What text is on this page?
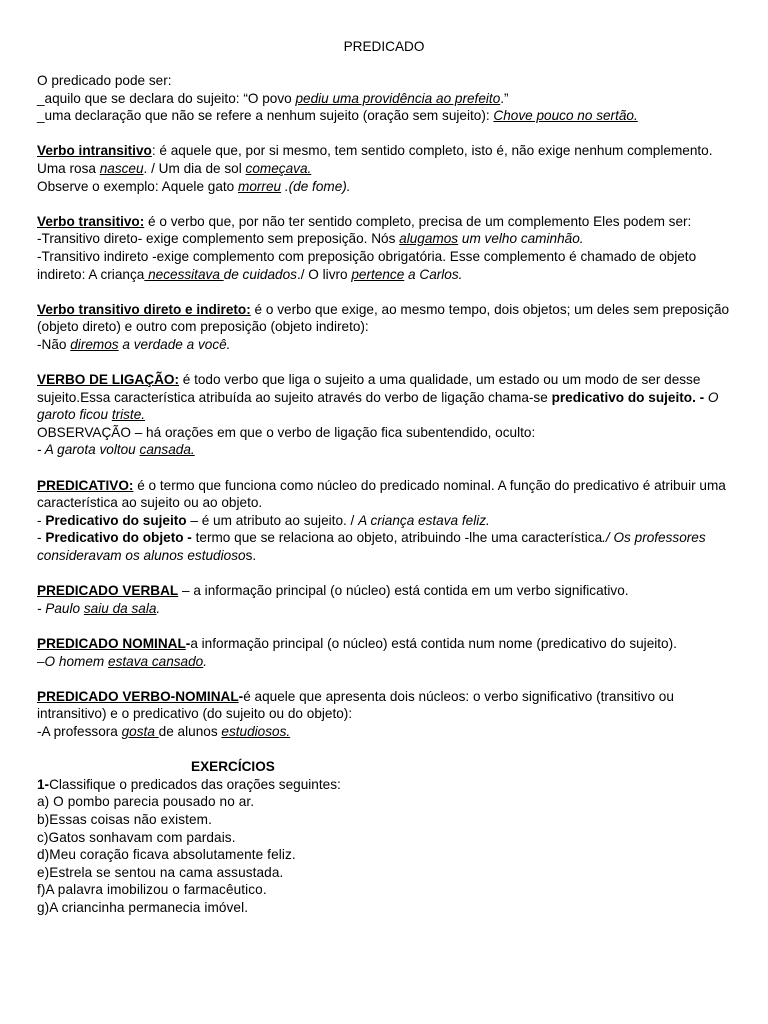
PREDICADO
O predicado pode ser:
_aquilo que se declara do sujeito: “O povo pediu uma providência ao prefeito.”
_uma declaração que não se refere a nenhum sujeito (oração sem sujeito): Chove pouco no sertão.
Verbo intransitivo: é aquele que, por si mesmo, tem sentido completo, isto é, não exige nenhum complemento. Uma rosa nasceu. / Um dia de sol começava.
Observe o exemplo: Aquele gato morreu .(de fome).
Verbo transitivo: é o verbo que, por não ter sentido completo, precisa de um complemento Eles podem ser:
-Transitivo direto- exige complemento sem preposição. Nós alugamos um velho caminhão.
-Transitivo indireto -exige complemento com preposição obrigatória. Esse complemento é chamado de objeto indireto: A criança necessitava de cuidados./ O livro pertence a Carlos.
Verbo transitivo direto e indireto: é o verbo que exige, ao mesmo tempo, dois objetos; um deles sem preposição (objeto direto) e outro com preposição (objeto indireto):
-Não diremos a verdade a você.
VERBO DE LIGAÇÃO: é todo verbo que liga o sujeito a uma qualidade, um estado ou um modo de ser desse sujeito.Essa característica atribuída ao sujeito através do verbo de ligação chama-se predicativo do sujeito. - O garoto ficou triste.
OBSERVAÇÃO – há orações em que o verbo de ligação fica subentendido, oculto:
- A garota voltou cansada.
PREDICATIVO: é o termo que funciona como núcleo do predicado nominal. A função do predicativo é atribuir uma característica ao sujeito ou ao objeto.
- Predicativo do sujeito – é um atributo ao sujeito. / A criança estava feliz.
- Predicativo do objeto - termo que se relaciona ao objeto, atribuindo -lhe uma característica./ Os professores consideravam os alunos estudiosos.
PREDICADO VERBAL – a informação principal (o núcleo) está contida em um verbo significativo.
- Paulo saiu da sala.
PREDICADO NOMINAL-a informação principal (o núcleo) está contida num nome (predicativo do sujeito).
–O homem estava cansado.
PREDICADO VERBO-NOMINAL-é aquele que apresenta dois núcleos: o verbo significativo (transitivo ou intransitivo) e o predicativo (do sujeito ou do objeto):
-A professora gosta de alunos estudiosos.
EXERCÍCIOS
1-Classifique o predicados das orações seguintes:
a) O pombo parecia pousado no ar.
b)Essas coisas não existem.
c)Gatos sonhavam com pardais.
d)Meu coração ficava absolutamente feliz.
e)Estrela se sentou na cama assustada.
f)A palavra imobilizou o farmacêutico.
g)A criancinha permanecia imóvel.
